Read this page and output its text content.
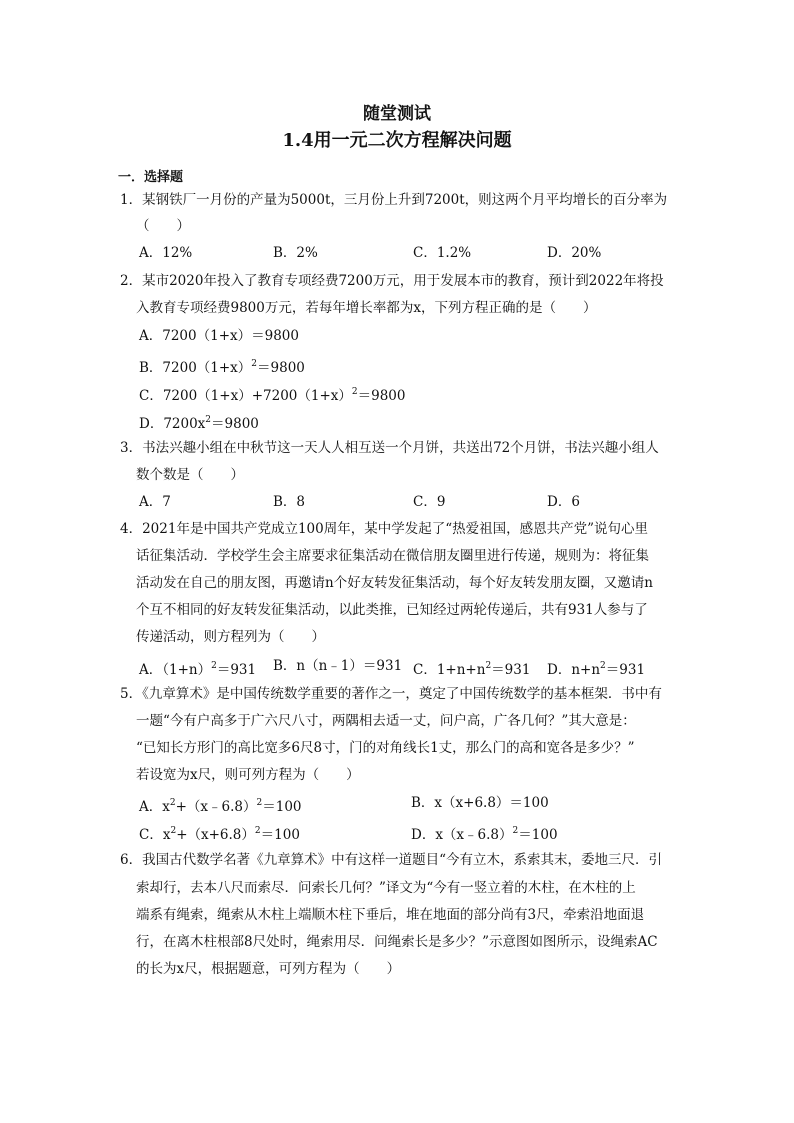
随堂测试
1.4用一元二次方程解决问题
一．选择题
1．某钢铁厂一月份的产量为5000t，三月份上升到7200t，则这两个月平均增长的百分率为
（　　）
A．12%	B．2%	C．1.2%	D．20%
2．某市2020年投入了教育专项经费7200万元，用于发展本市的教育，预计到2022年将投
入教育专项经费9800万元，若每年增长率都为x，下列方程正确的是（　　）
A．7200（1+x）＝9800
B．$7200(1+x)^2=9800$
C．$7200(1+x)+7200(1+x)^2=9800$
D．$7200x^2=9800$
3．书法兴趣小组在中秋节这一天人人相互送一个月饼，共送出72个月饼，书法兴趣小组人
数个数是（　　）
A．7	B．8	C．9	D．6
4．2021年是中国共产党成立100周年，某中学发起了“热爱祖国，感恩共产党”说句心里
话征集活动．学校学生会主席要求征集活动在微信朋友圈里进行传递，规则为：将征集
活动发在自己的朋友图，再邀请n个好友转发征集活动，每个好友转发朋友圈，又邀请n
个互不相同的好友转发征集活动，以此类推，已知经过两轮传递后，共有931人参与了
传递活动，则方程列为（　　）
A．$(1+n)^2=931$ B．n（n﹣1）＝931 C．$1+n+n^2=931$ D．$n+n^2=931$
5．《九章算术》是中国传统数学重要的著作之一，奠定了中国传统数学的基本框架．书中有
一题“今有户高多于广六尺八寸，两隅相去适一丈，问户高，广各几何？”其大意是：
“已知长方形门的高比宽多6尺8寸，门的对角线长1丈，那么门的高和宽各是多少？”
若设宽为x尺，则可列方程为（　　）
A．$x^2+(x﹣6.8)^2=100$	B．x（x+6.8）＝100
C．$x^2+(x+6.8)^2=100$	D．x（x﹣6.8）$^2$＝100
6．我国古代数学名著《九章算术》中有这样一道题目“今有立木，系索其末，委地三尺．引
索却行，去本八尺而索尽．问索长几何？”译文为“今有一竖立着的木柱，在木柱的上
端系有绳索，绳索从木柱上端顺木柱下垂后，堆在地面的部分尚有3尺，牵索沿地面退
行，在离木柱根部8尺处时，绳索用尽．问绳索长是多少？”示意图如图所示，设绳索AC
的长为x尺，根据题意，可列方程为（　　）
